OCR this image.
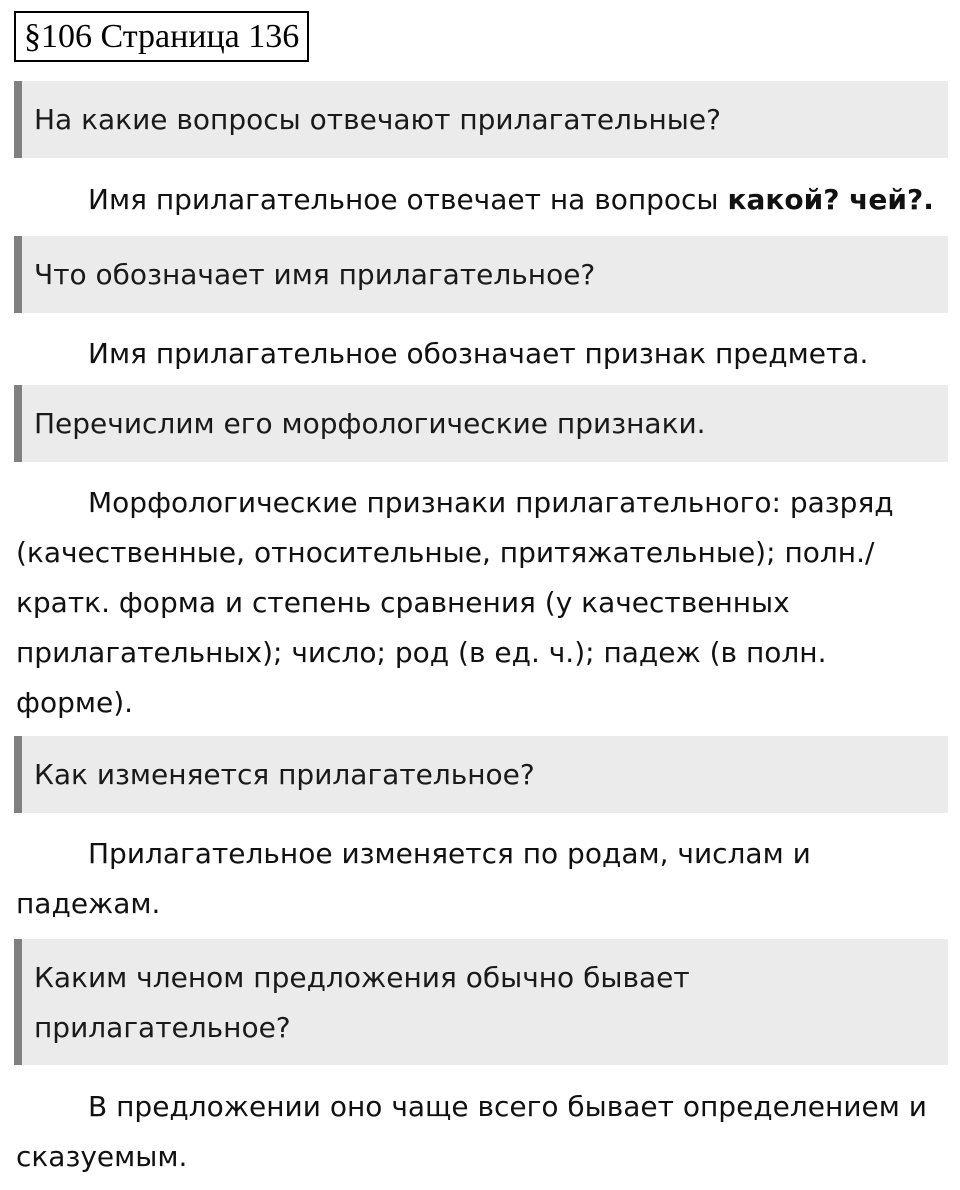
§106 Страница 136
На какие вопросы отвечают прилагательные?

Имя прилагательное отвечает на вопросы какой? чей?.

Что обозначает имя прилагательное?

Имя прилагательное обозначает признак предмета.

Перечислим его морфологические признаки.

Морфологические признаки прилагательного: разряд (качественные, относительные, притяжательные); полн./кратк. форма и степень сравнения (у качественных прилагательных); число; род (в ед. ч.); падеж (в полн. форме).

Как изменяется прилагательное?

Прилагательное изменяется по родам, числам и падежам.

Каким членом предложения обычно бывает прилагательное?

В предложении оно чаще всего бывает определением и сказуемым.
